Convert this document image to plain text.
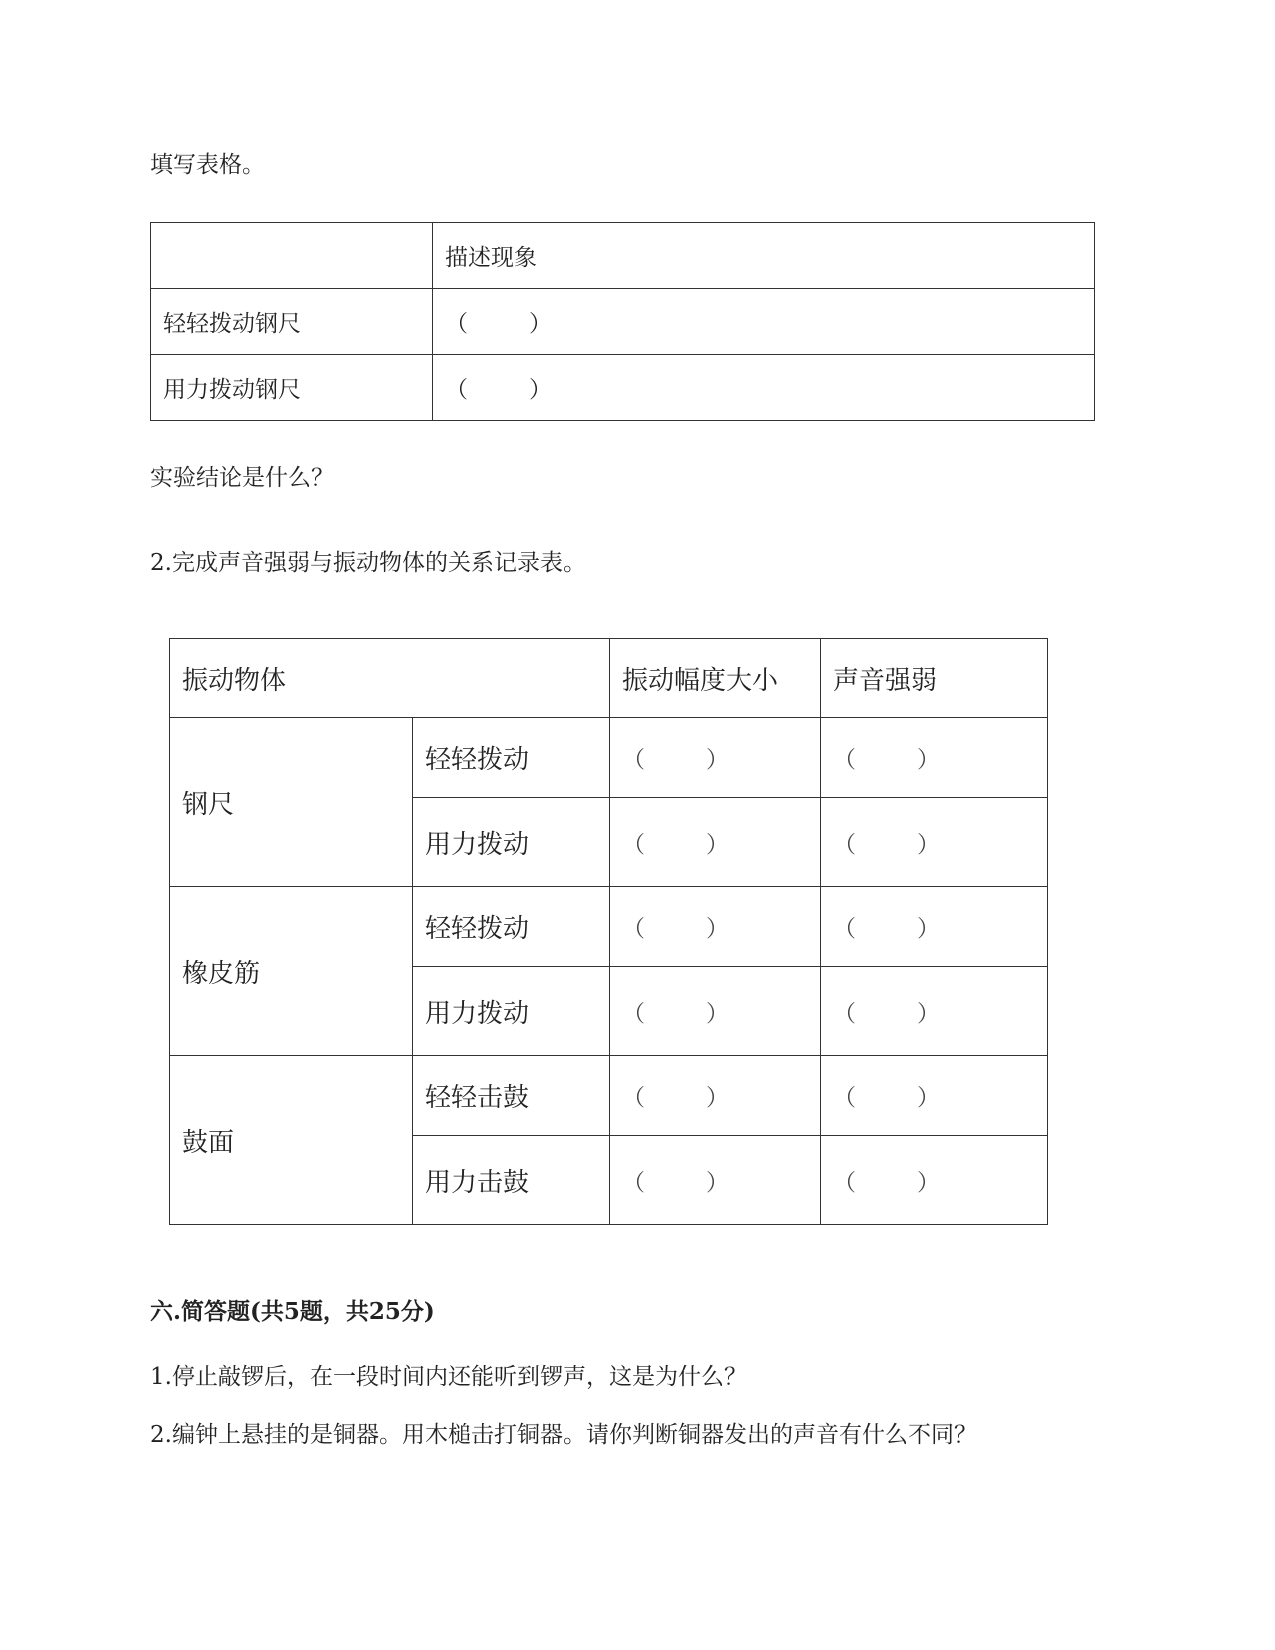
填写表格。
	描述现象
轻轻拨动钢尺	（ ）
用力拨动钢尺	（ ）
实验结论是什么？
2.完成声音强弱与振动物体的关系记录表。
振动物体		振动幅度大小	声音强弱
钢尺	轻轻拨动	（ ）	（ ）
	用力拨动	（ ）	（ ）
橡皮筋	轻轻拨动	（ ）	（ ）
	用力拨动	（ ）	（ ）
鼓面	轻轻击鼓	（ ）	（ ）
	用力击鼓	（ ）	（ ）
六.简答题(共5题，共25分)
1.停止敲锣后，在一段时间内还能听到锣声，这是为什么？
2.编钟上悬挂的是铜器。用木槌击打铜器。请你判断铜器发出的声音有什么不同？
